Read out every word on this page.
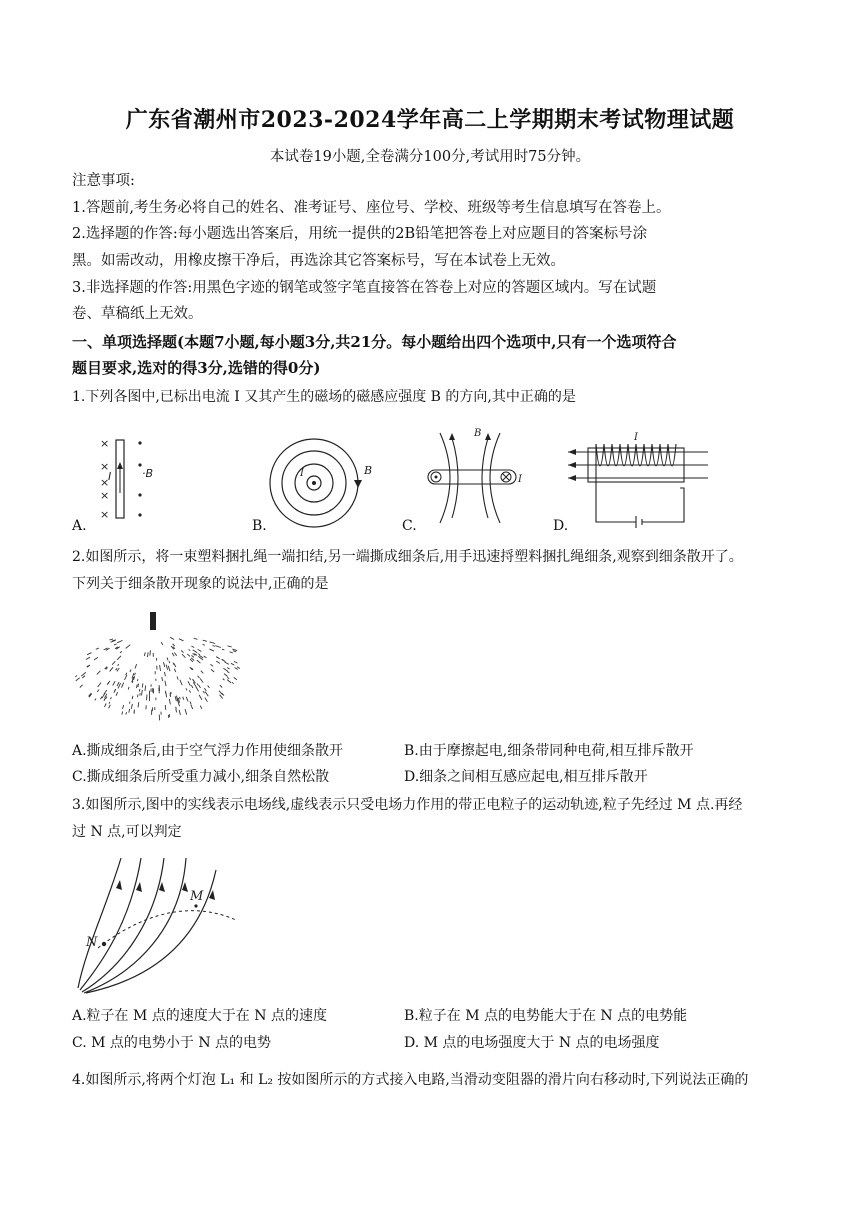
广东省潮州市2023-2024学年高二上学期期末考试物理试题
本试卷19小题,全卷满分100分,考试用时75分钟。
注意事项:
1.答题前,考生务必将自己的姓名、准考证号、座位号、学校、班级等考生信息填写在答卷上。
2.选择题的作答:每小题选出答案后，用统一提供的2B铅笔把答卷上对应题目的答案标号涂
黑。如需改动，用橡皮擦干净后，再选涂其它答案标号，写在本试卷上无效。
3.非选择题的作答:用黑色字迹的钢笔或签字笔直接答在答卷上对应的答题区域内。写在试题
卷、草稿纸上无效。
一、单项选择题(本题7小题,每小题3分,共21分。每小题给出四个选项中,只有一个选项符合
题目要求,选对的得3分,选错的得0分)
1.下列各图中,已标出电流 I 又其产生的磁场的磁感应强度 B 的方向,其中正确的是
×
×
×
×
×
·B
I
A.
I	B
B.
B
I
C.
I
D.
2.如图所示，将一束塑料捆扎绳一端扣结,另一端撕成细条后,用手迅速捋塑料捆扎绳细条,观察到细条散开了。
下列关于细条散开现象的说法中,正确的是
A.撕成细条后,由于空气浮力作用使细条散开	B.由于摩擦起电,细条带同种电荷,相互排斥散开
C.撕成细条后所受重力减小,细条自然松散	D.细条之间相互感应起电,相互排斥散开
3.如图所示,图中的实线表示电场线,虚线表示只受电场力作用的带正电粒子的运动轨迹,粒子先经过 M 点.再经
过 N 点,可以判定
N
M
A.粒子在 M 点的速度大于在 N 点的速度	B.粒子在 M 点的电势能大于在 N 点的电势能
C. M 点的电势小于 N 点的电势	D. M 点的电场强度大于 N 点的电场强度
4.如图所示,将两个灯泡 L₁ 和 L₂ 按如图所示的方式接入电路,当滑动变阻器的滑片向右移动时,下列说法正确的
